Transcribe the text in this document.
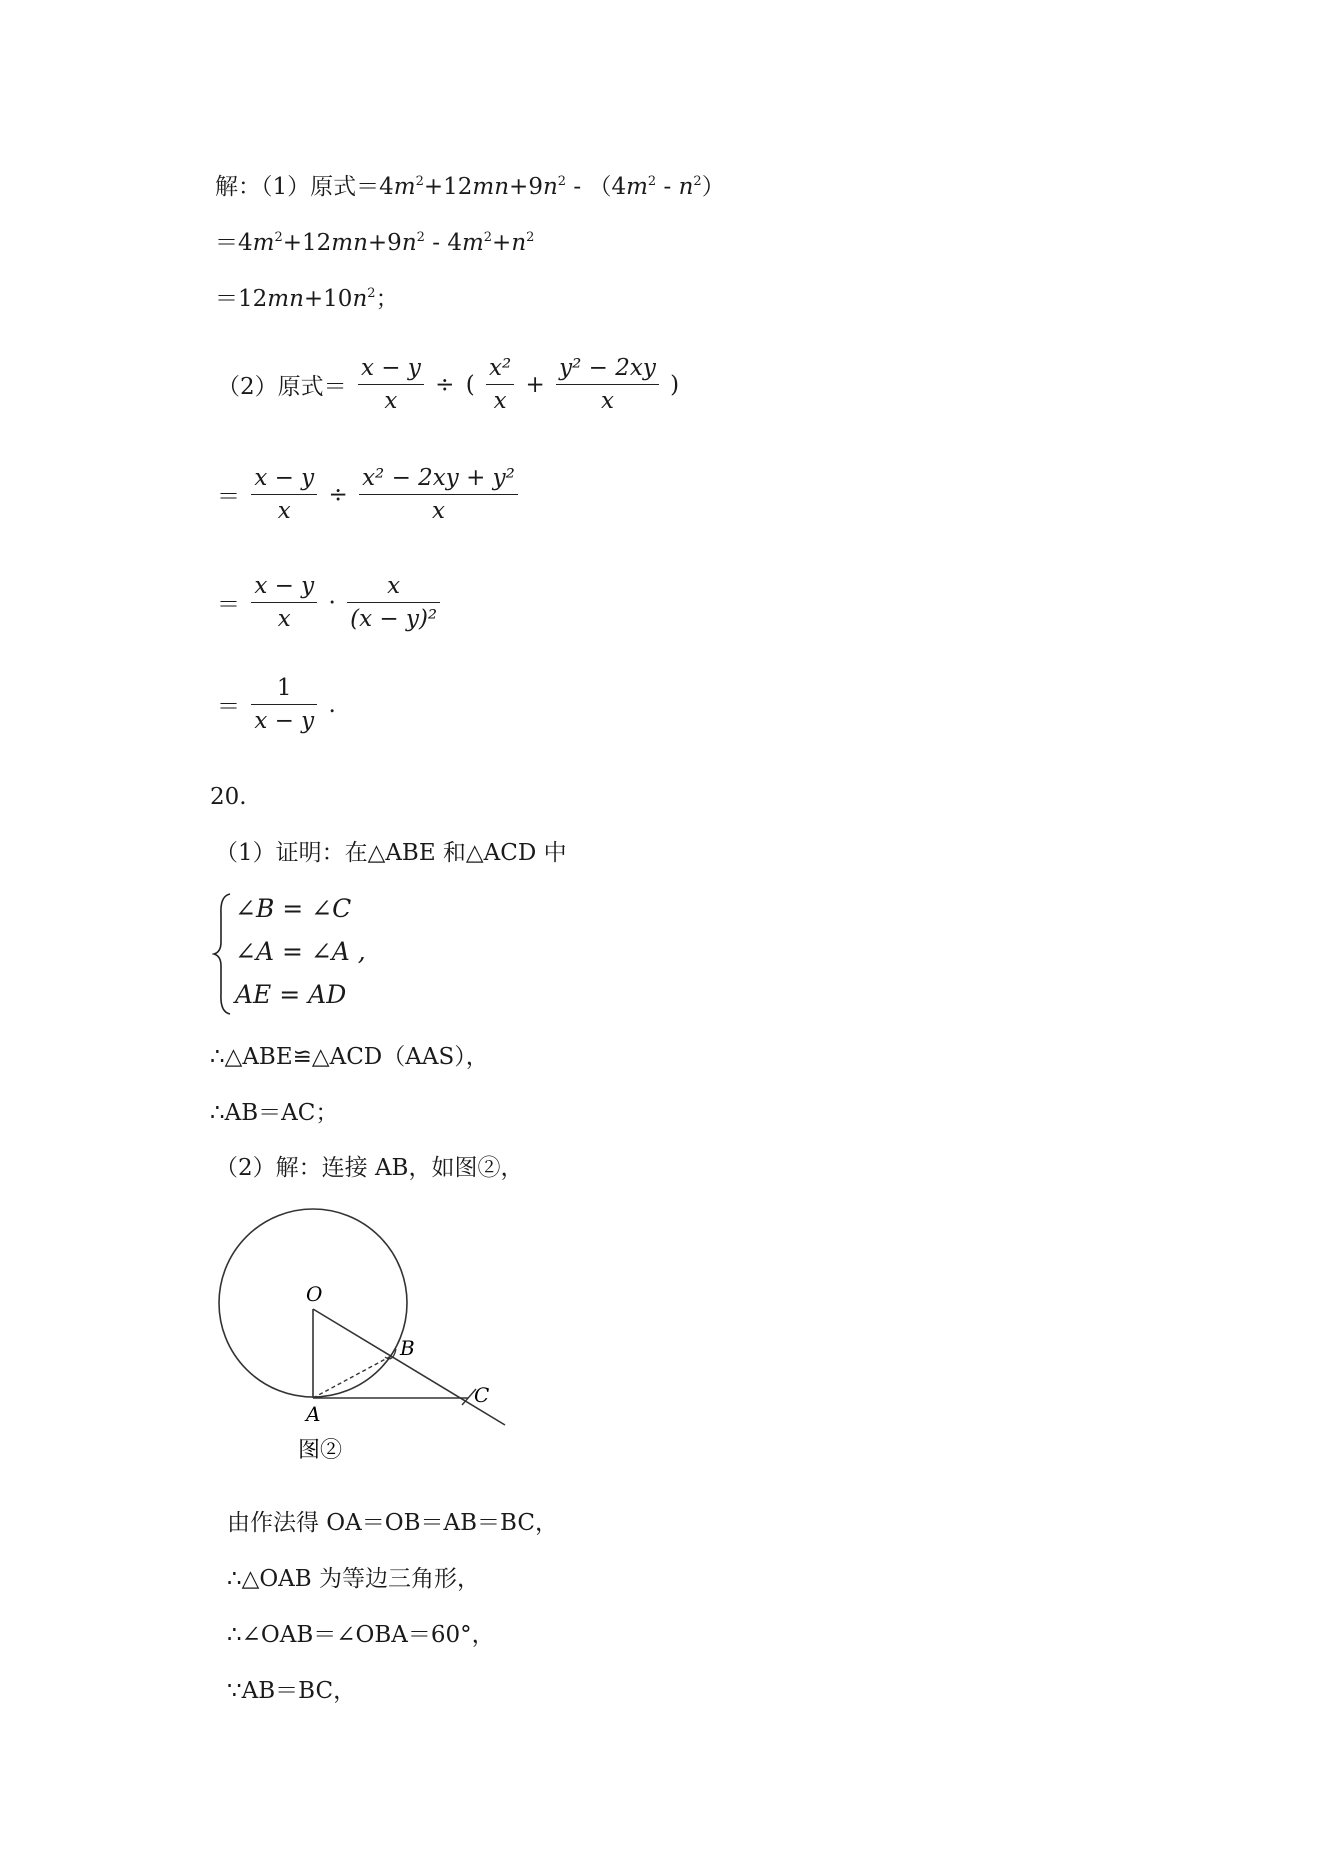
解：（1）原式$=4m^2+12mn+9n^2 - (4m^2 - n^2)$
$=4m^2+12mn+9n^2 - 4m^2+n^2$
$=12mn+10n^2$；
（2）原式＝ $\frac{x - y}{x}$ ÷ ( $\frac{\text{x²}}{x} + \frac{\text{y² − 2xy}}{x}$ )
＝ $\frac{x - y}{x} \div \frac{\text{x² − 2xy + y²}}{x}$
＝ $\frac{x - y}{x} \cdot \frac{x}{\text{(x − y)²}}$
＝ $\frac{1}{x - y}$ .
20.
（1）证明：在△ABE 和△ACD 中
∠B = ∠C
∠A = ∠A ,
AE = AD
∴△ABE≌△ACD（AAS），
∴AB＝AC；
（2）解：连接 AB，如图②，
O
B
C
A
图②
由作法得 OA＝OB＝AB＝BC，
∴△OAB 为等边三角形，
∴∠OAB＝∠OBA＝60°，
∵AB＝BC，
